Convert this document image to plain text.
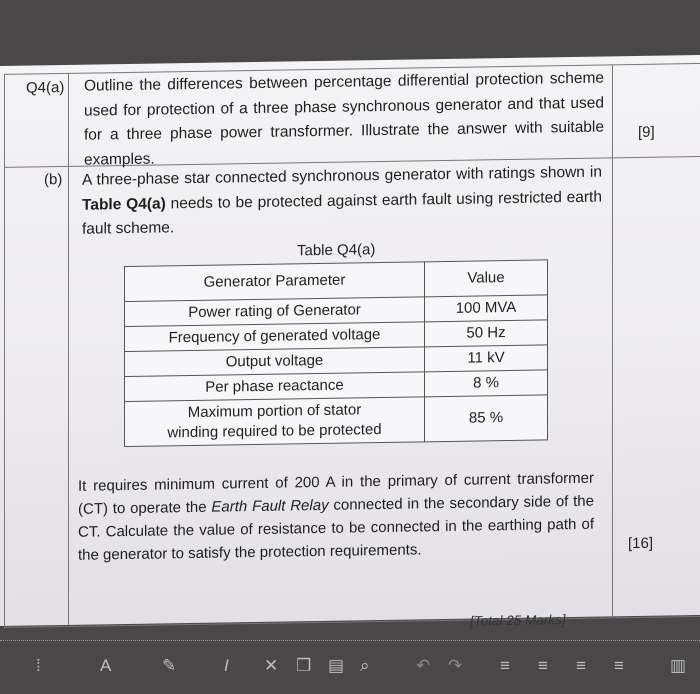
Q4(a) Outline the differences between percentage differential protection scheme used for protection of a three phase synchronous generator and that used for a three phase power transformer. Illustrate the answer with suitable examples.
[9]
(b) A three-phase star connected synchronous generator with ratings shown in Table Q4(a) needs to be protected against earth fault using restricted earth fault scheme.
Table Q4(a)
Generator Parameter	Value
Power rating of Generator	100 MVA
Frequency of generated voltage	50 Hz
Output voltage	11 kV
Per phase reactance	8 %
Maximum portion of stator winding required to be protected	85 %
It requires minimum current of 200 A in the primary of current transformer (CT) to operate the Earth Fault Relay connected in the secondary side of the CT. Calculate the value of resistance to be connected in the earthing path of the generator to satisfy the protection requirements.	[16]
[Total 25 Marks]
⁞	A	✎	I ✕ ❐ ▤ ⌕	↶ ↷ ≡ ≡ ≡ ≡	▥
